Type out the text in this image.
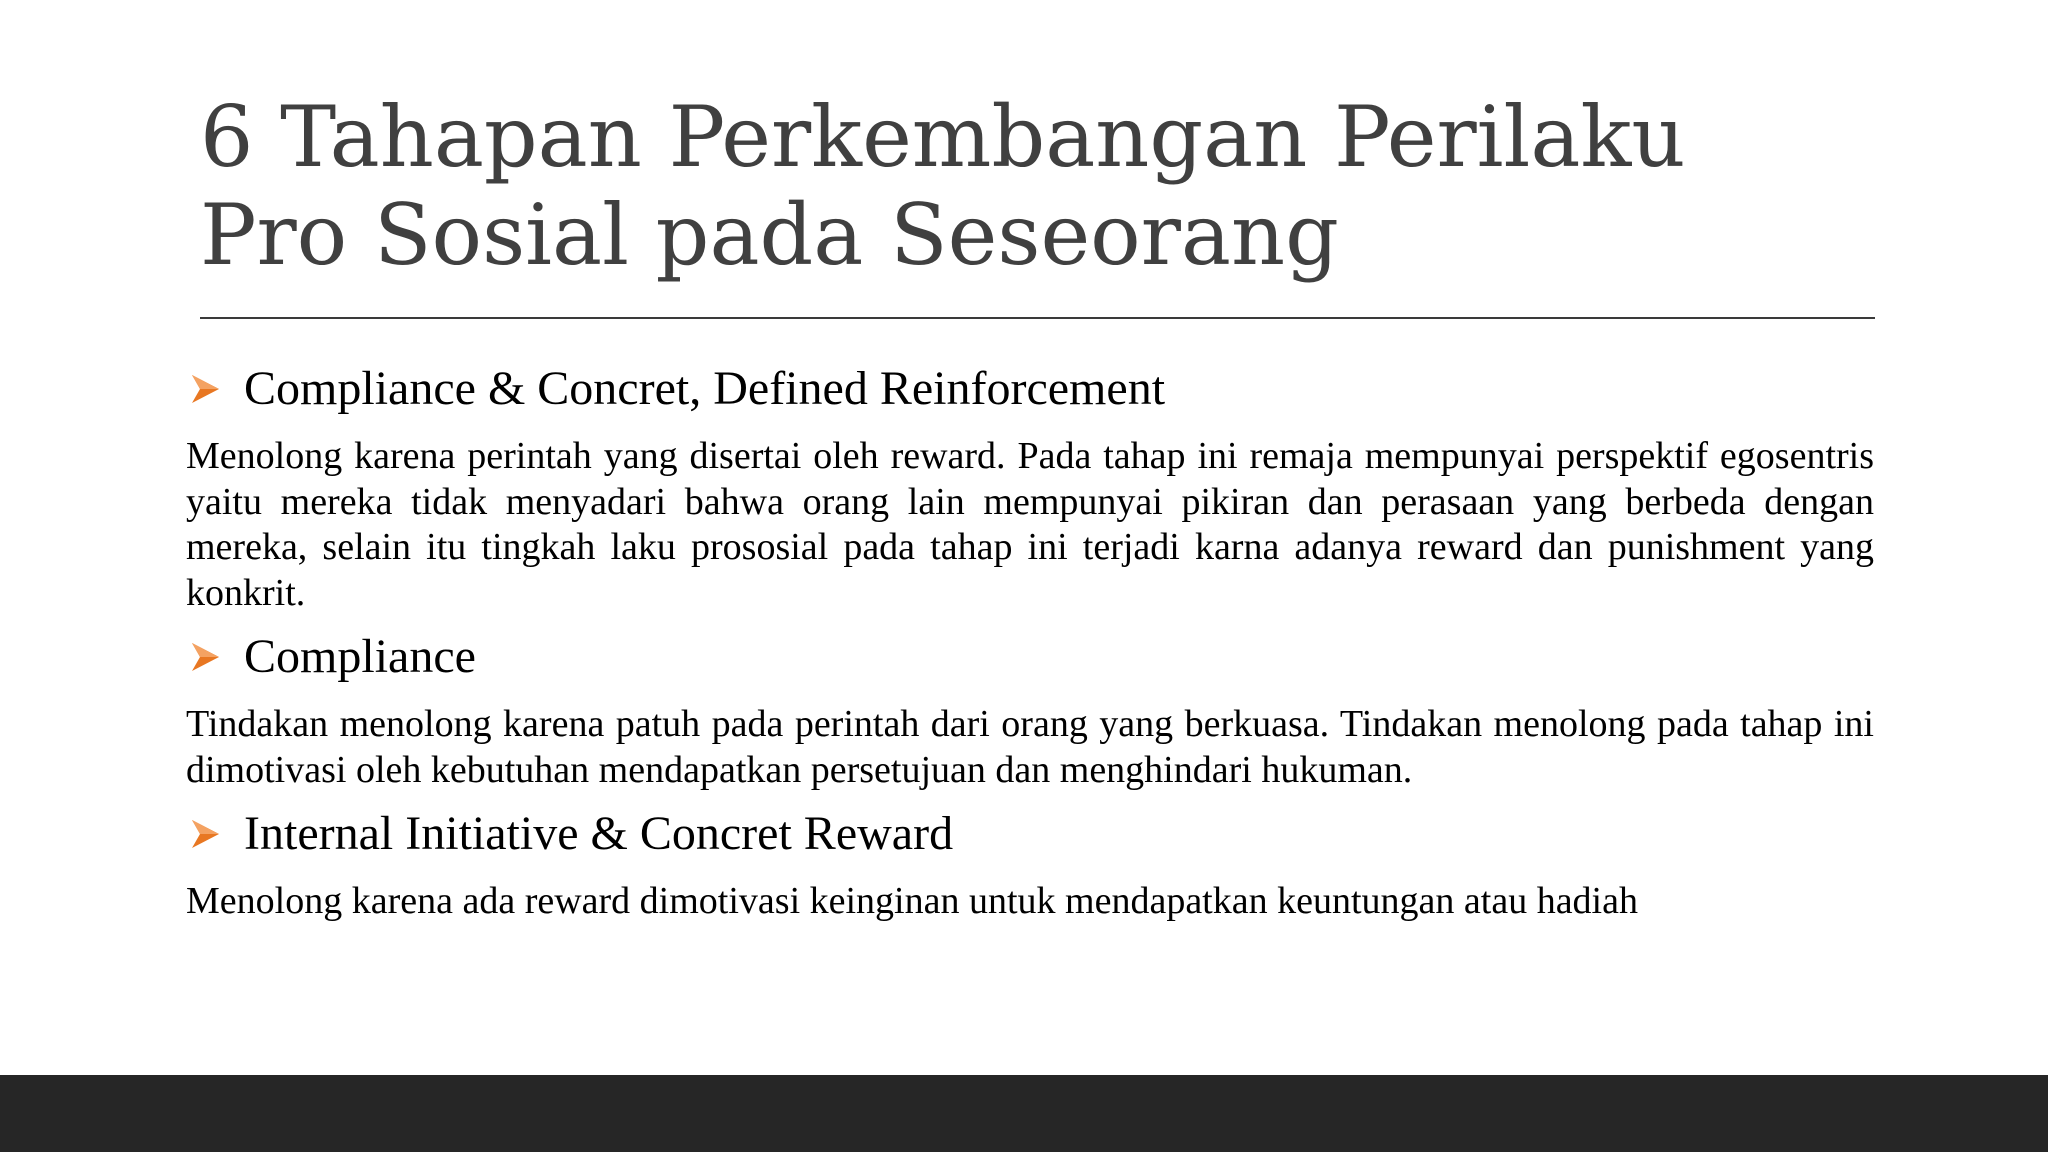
6 Tahapan Perkembangan Perilaku
Pro Sosial pada Seseorang
Compliance & Concret, Defined Reinforcement

Menolong karena perintah yang disertai oleh reward. Pada tahap ini remaja mempunyai perspektif egosentris yaitu mereka tidak menyadari bahwa orang lain mempunyai pikiran dan perasaan yang berbeda dengan mereka, selain itu tingkah laku prososial pada tahap ini terjadi karna adanya reward dan punishment yang konkrit.

Compliance

Tindakan menolong karena patuh pada perintah dari orang yang berkuasa. Tindakan menolong pada tahap ini dimotivasi oleh kebutuhan mendapatkan persetujuan dan menghindari hukuman.

Internal Initiative & Concret Reward

Menolong karena ada reward dimotivasi keinginan untuk mendapatkan keuntungan atau hadiah
